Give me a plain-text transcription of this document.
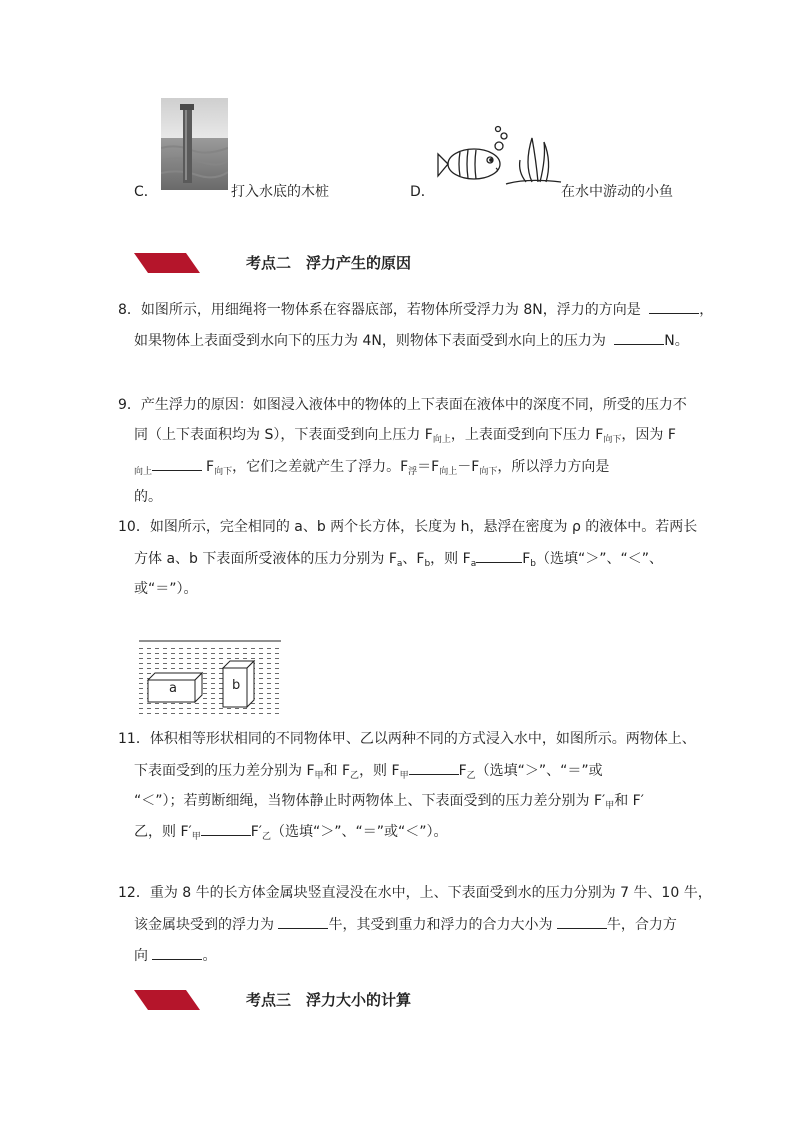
C．	打入水底的木桩	D．	在水中游动的小鱼
考点二　浮力产生的原因
8．如图所示，用细绳将一物体系在容器底部，若物体所受浮力为 8N，浮力的方向是	，
如果物体上表面受到水向下的压力为 4N，则物体下表面受到水向上的压力为	N。
9．产生浮力的原因：如图浸入液体中的物体的上下表面在液体中的深度不同，所受的压力不
同（上下表面积均为 S），下表面受到向上压力 $F_{向上}$，上表面受到向下压力 $F_{向下}$，因为 F
$_{向上}$	$F_{向下}$，它们之差就产生了浮力。$F_浮=F_{向上}-F_{向下}$，所以浮力方向是
的。
10．如图所示，完全相同的 a、b 两个长方体，长度为 h，悬浮在密度为 ρ 的液体中。若两长
方体 a、b 下表面所受液体的压力分别为 $F_a$、$F_b$，则 $F_a$	$F_b$（选填“＞”、“＜”、
或“＝”）。
a	b
11．体积相等形状相同的不同物体甲、乙以两种不同的方式浸入水中，如图所示。两物体上、
下表面受到的压力差分别为 $F_甲$和 $F_乙$，则 $F_甲$	$F_乙$（选填“＞”、“＝”或
“＜”）；若剪断细绳，当物体静止时两物体上、下表面受到的压力差分别为 $F'_甲$和 F′
乙，则 $F'_甲$	$F'_乙$（选填“＞”、“＝”或“＜”）。
12．重为 8 牛的长方体金属块竖直浸没在水中，上、下表面受到水的压力分别为 7 牛、10 牛，
该金属块受到的浮力为	牛，其受到重力和浮力的合力大小为	牛，合力方
向	。
考点三　浮力大小的计算
